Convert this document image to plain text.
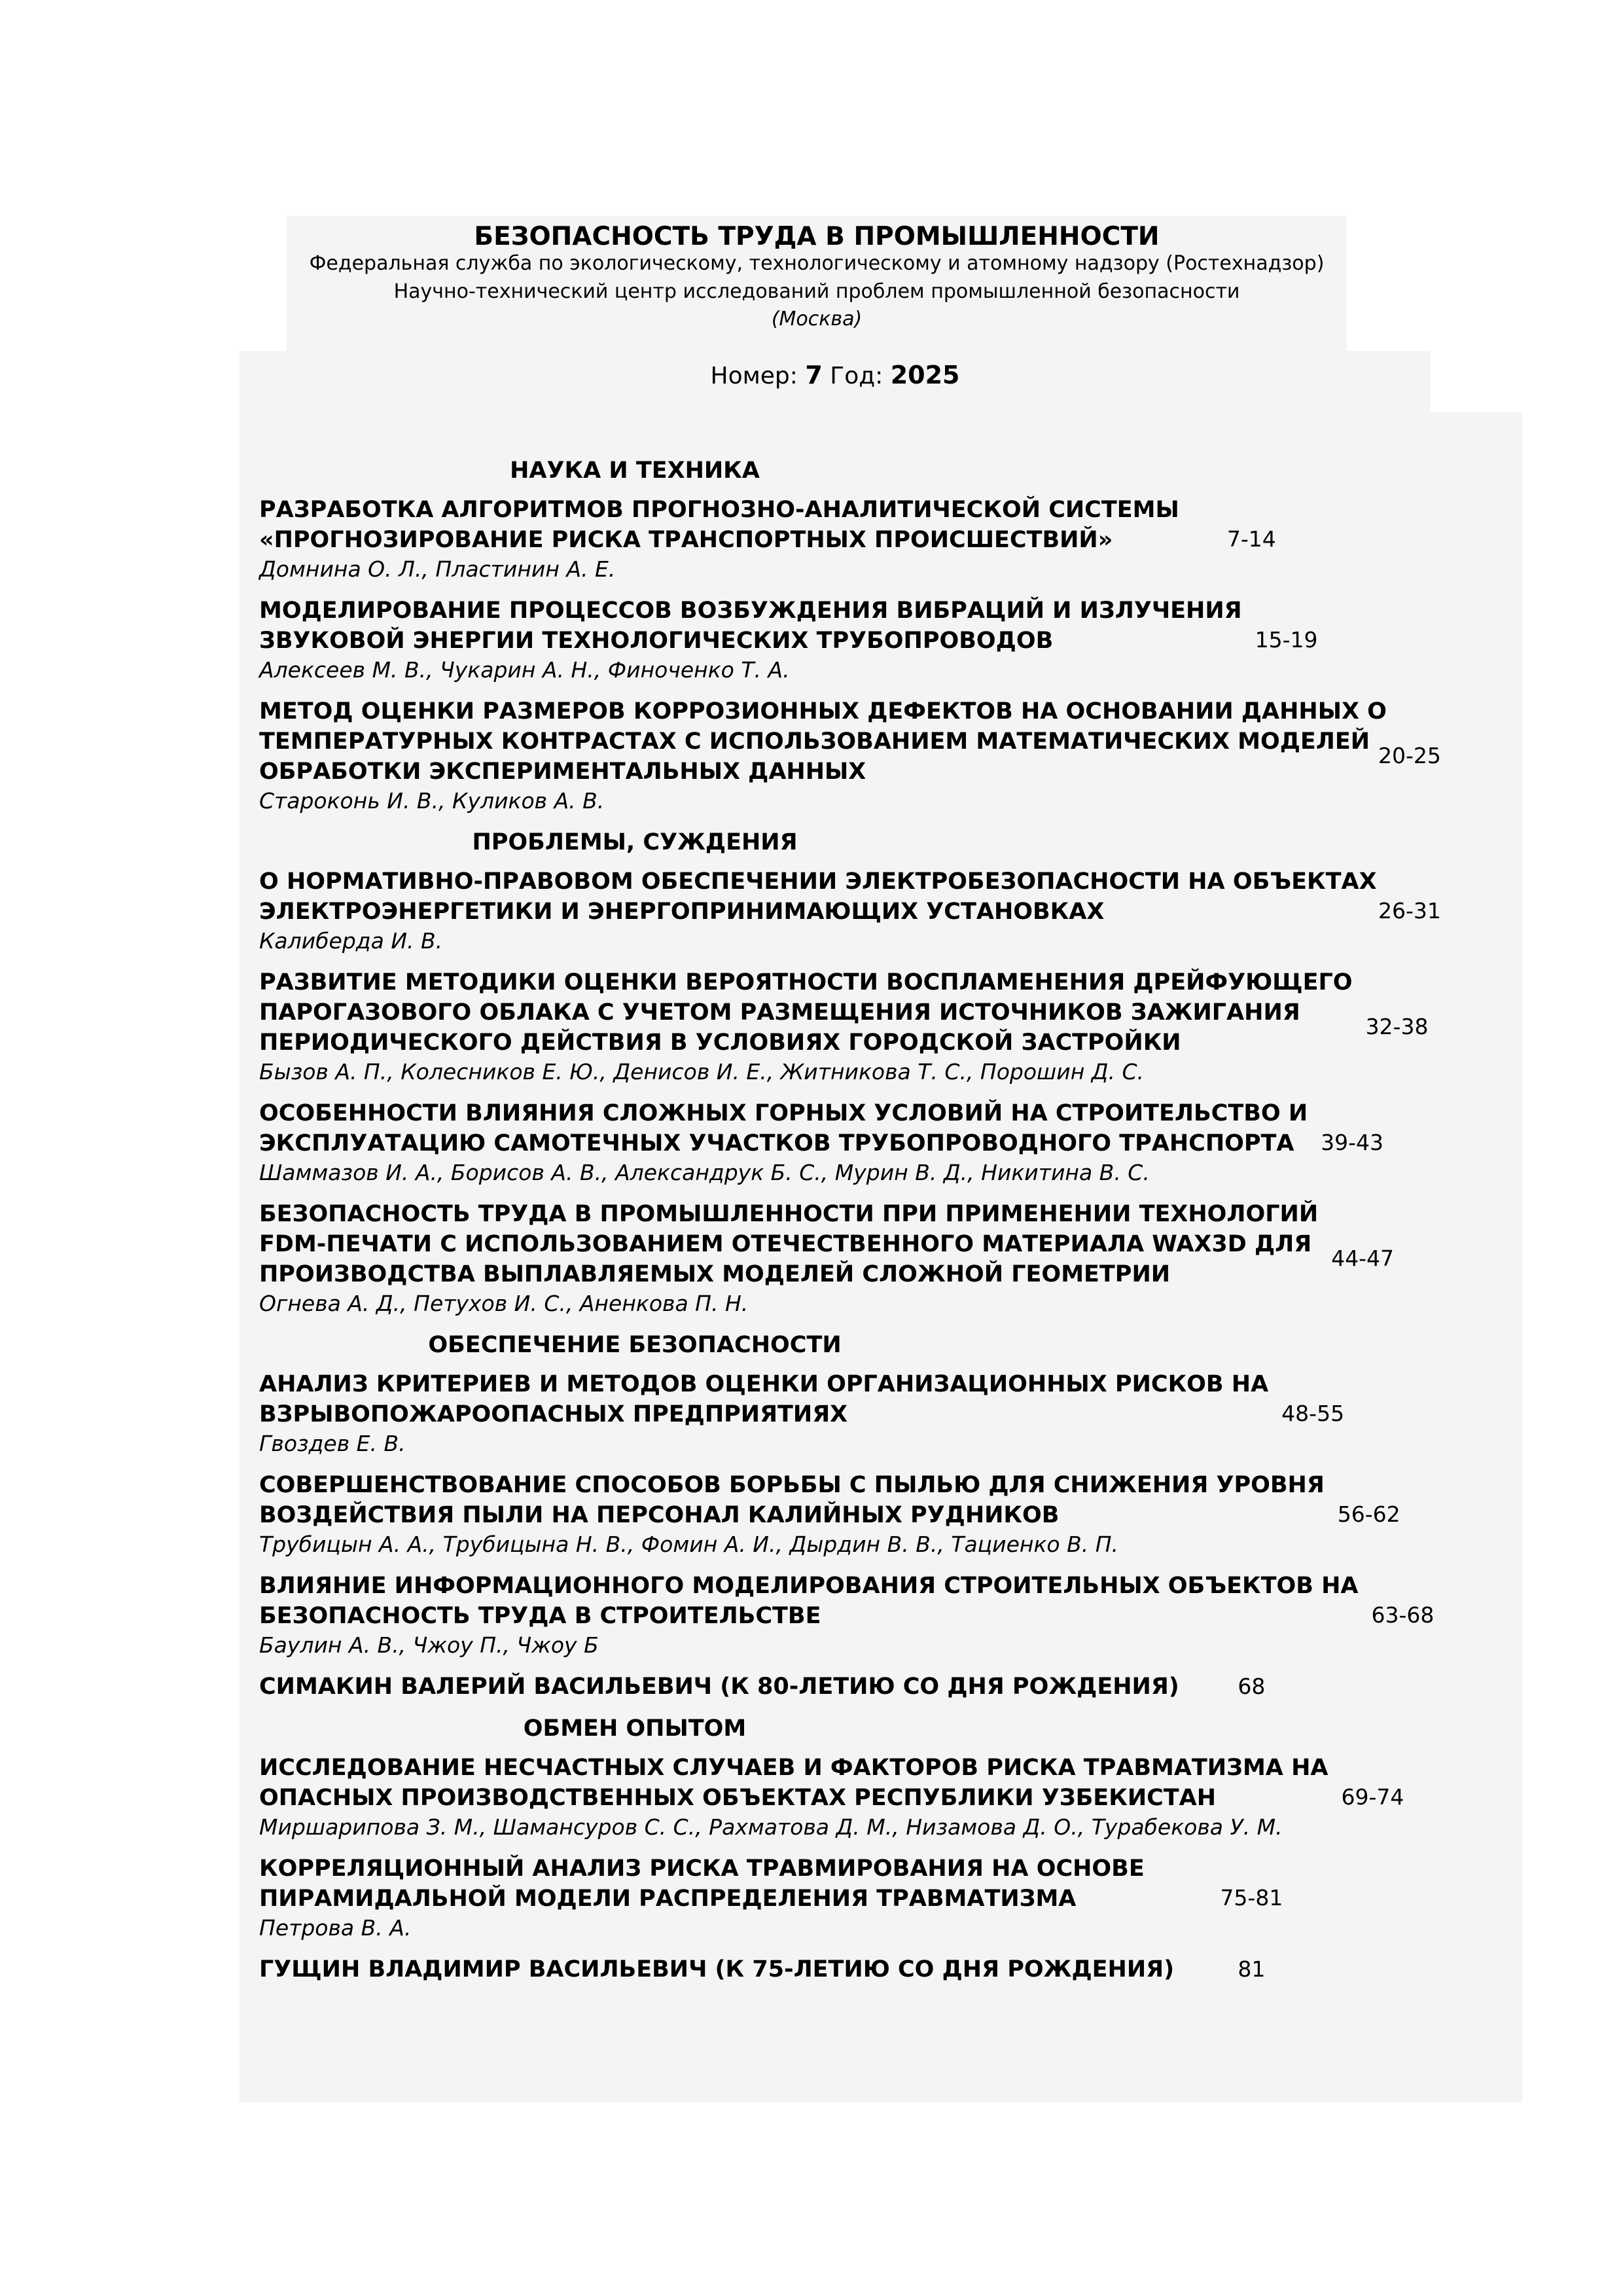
БЕЗОПАСНОСТЬ ТРУДА В ПРОМЫШЛЕННОСТИ
Федеральная служба по экологическому, технологическому и атомному надзору (Ростехнадзор)
Научно-технический центр исследований проблем промышленной безопасности
(Москва)
Номер: 7 Год: 2025
НАУКА И ТЕХНИКА
РАЗРАБОТКА АЛГОРИТМОВ ПРОГНОЗНО-АНАЛИТИЧЕСКОЙ СИСТЕМЫ
«ПРОГНОЗИРОВАНИЕ РИСКА ТРАНСПОРТНЫХ ПРОИСШЕСТВИЙ»
Домнина О. Л., Пластинин А. Е.
7-14
МОДЕЛИРОВАНИЕ ПРОЦЕССОВ ВОЗБУЖДЕНИЯ ВИБРАЦИЙ И ИЗЛУЧЕНИЯ
ЗВУКОВОЙ ЭНЕРГИИ ТЕХНОЛОГИЧЕСКИХ ТРУБОПРОВОДОВ
Алексеев М. В., Чукарин А. Н., Финоченко Т. А.
15-19
МЕТОД ОЦЕНКИ РАЗМЕРОВ КОРРОЗИОННЫХ ДЕФЕКТОВ НА ОСНОВАНИИ ДАННЫХ О
ТЕМПЕРАТУРНЫХ КОНТРАСТАХ С ИСПОЛЬЗОВАНИЕМ МАТЕМАТИЧЕСКИХ МОДЕЛЕЙ
ОБРАБОТКИ ЭКСПЕРИМЕНТАЛЬНЫХ ДАННЫХ
Староконь И. В., Куликов А. В.
20-25
ПРОБЛЕМЫ, СУЖДЕНИЯ
О НОРМАТИВНО-ПРАВОВОМ ОБЕСПЕЧЕНИИ ЭЛЕКТРОБЕЗОПАСНОСТИ НА ОБЪЕКТАХ
ЭЛЕКТРОЭНЕРГЕТИКИ И ЭНЕРГОПРИНИМАЮЩИХ УСТАНОВКАХ
Калиберда И. В.
26-31
РАЗВИТИЕ МЕТОДИКИ ОЦЕНКИ ВЕРОЯТНОСТИ ВОСПЛАМЕНЕНИЯ ДРЕЙФУЮЩЕГО
ПАРОГАЗОВОГО ОБЛАКА С УЧЕТОМ РАЗМЕЩЕНИЯ ИСТОЧНИКОВ ЗАЖИГАНИЯ
ПЕРИОДИЧЕСКОГО ДЕЙСТВИЯ В УСЛОВИЯХ ГОРОДСКОЙ ЗАСТРОЙКИ
Бызов А. П., Колесников Е. Ю., Денисов И. Е., Житникова Т. С., Порошин Д. С.
32-38
ОСОБЕННОСТИ ВЛИЯНИЯ СЛОЖНЫХ ГОРНЫХ УСЛОВИЙ НА СТРОИТЕЛЬСТВО И
ЭКСПЛУАТАЦИЮ САМОТЕЧНЫХ УЧАСТКОВ ТРУБОПРОВОДНОГО ТРАНСПОРТА
Шаммазов И. А., Борисов А. В., Александрук Б. С., Мурин В. Д., Никитина В. С.
39-43
БЕЗОПАСНОСТЬ ТРУДА В ПРОМЫШЛЕННОСТИ ПРИ ПРИМЕНЕНИИ ТЕХНОЛОГИЙ
FDM-ПЕЧАТИ С ИСПОЛЬЗОВАНИЕМ ОТЕЧЕСТВЕННОГО МАТЕРИАЛА WAX3D ДЛЯ
ПРОИЗВОДСТВА ВЫПЛАВЛЯЕМЫХ МОДЕЛЕЙ СЛОЖНОЙ ГЕОМЕТРИИ
Огнева А. Д., Петухов И. С., Аненкова П. Н.
44-47
ОБЕСПЕЧЕНИЕ БЕЗОПАСНОСТИ
АНАЛИЗ КРИТЕРИЕВ И МЕТОДОВ ОЦЕНКИ ОРГАНИЗАЦИОННЫХ РИСКОВ НА
ВЗРЫВОПОЖАРООПАСНЫХ ПРЕДПРИЯТИЯХ
Гвоздев Е. В.
48-55
СОВЕРШЕНСТВОВАНИЕ СПОСОБОВ БОРЬБЫ С ПЫЛЬЮ ДЛЯ СНИЖЕНИЯ УРОВНЯ
ВОЗДЕЙСТВИЯ ПЫЛИ НА ПЕРСОНАЛ КАЛИЙНЫХ РУДНИКОВ
Трубицын А. А., Трубицына Н. В., Фомин А. И., Дырдин В. В., Тациенко В. П.
56-62
ВЛИЯНИЕ ИНФОРМАЦИОННОГО МОДЕЛИРОВАНИЯ СТРОИТЕЛЬНЫХ ОБЪЕКТОВ НА
БЕЗОПАСНОСТЬ ТРУДА В СТРОИТЕЛЬСТВЕ
Баулин А. В., Чжоу П., Чжоу Б
63-68
СИМАКИН ВАЛЕРИЙ ВАСИЛЬЕВИЧ (К 80-ЛЕТИЮ СО ДНЯ РОЖДЕНИЯ)	68
ОБМЕН ОПЫТОМ
ИССЛЕДОВАНИЕ НЕСЧАСТНЫХ СЛУЧАЕВ И ФАКТОРОВ РИСКА ТРАВМАТИЗМА НА
ОПАСНЫХ ПРОИЗВОДСТВЕННЫХ ОБЪЕКТАХ РЕСПУБЛИКИ УЗБЕКИСТАН
Миршарипова З. М., Шамансуров С. С., Рахматова Д. М., Низамова Д. О., Турабекова У. М.
69-74
КОРРЕЛЯЦИОННЫЙ АНАЛИЗ РИСКА ТРАВМИРОВАНИЯ НА ОСНОВЕ
ПИРАМИДАЛЬНОЙ МОДЕЛИ РАСПРЕДЕЛЕНИЯ ТРАВМАТИЗМА
Петрова В. А.
75-81
ГУЩИН ВЛАДИМИР ВАСИЛЬЕВИЧ (К 75-ЛЕТИЮ СО ДНЯ РОЖДЕНИЯ)	81
